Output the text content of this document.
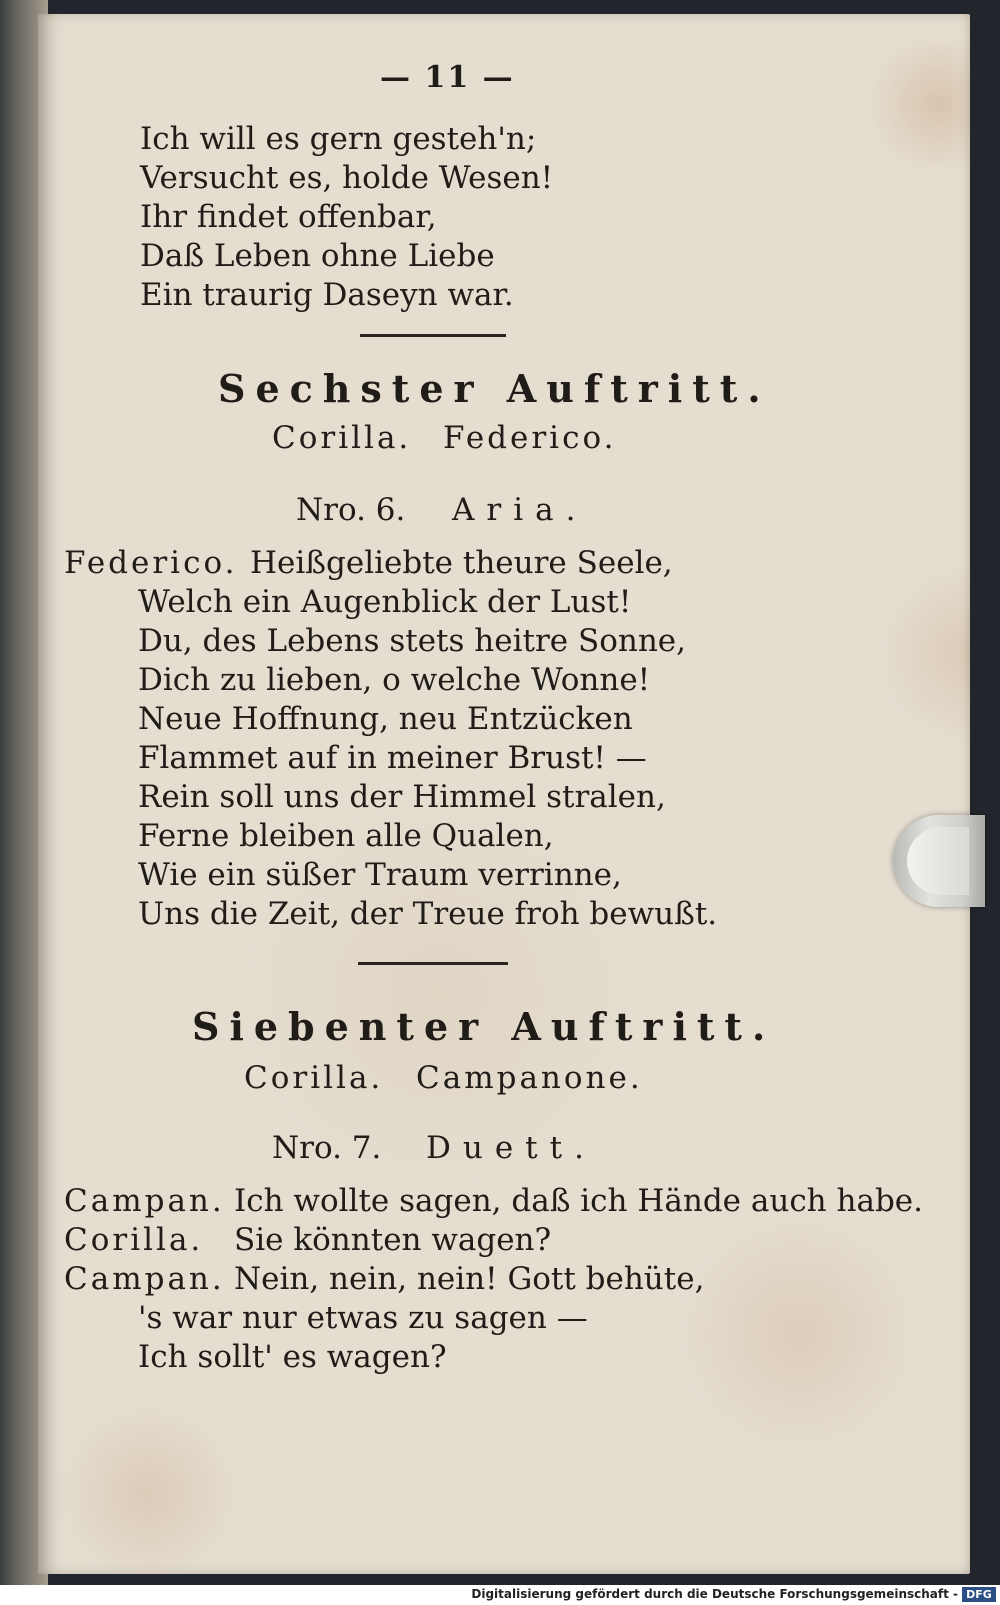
— 11 —
Ich will es gern gesteh'n;
Versucht es, holde Wesen!
Ihr findet offenbar,
Daß Leben ohne Liebe
Ein traurig Daseyn war.
Sechster Auftritt.
Corilla. Federico.
Nro. 6. Aria.
Federico. Heißgeliebte theure Seele,
Welch ein Augenblick der Lust!
Du, des Lebens stets heitre Sonne,
Dich zu lieben, o welche Wonne!
Neue Hoffnung, neu Entzücken
Flammet auf in meiner Brust! —
Rein soll uns der Himmel stralen,
Ferne bleiben alle Qualen,
Wie ein süßer Traum verrinne,
Uns die Zeit, der Treue froh bewußt.
Siebenter Auftritt.
Corilla. Campanone.
Nro. 7. Duett.
Campan. Ich wollte sagen, daß ich Hände auch habe.
Corilla. Sie könnten wagen?
Campan. Nein, nein, nein! Gott behüte,
's war nur etwas zu sagen —
Ich sollt' es wagen?
Digitalisierung gefördert durch die Deutsche Forschungsgemeinschaft - DFG
